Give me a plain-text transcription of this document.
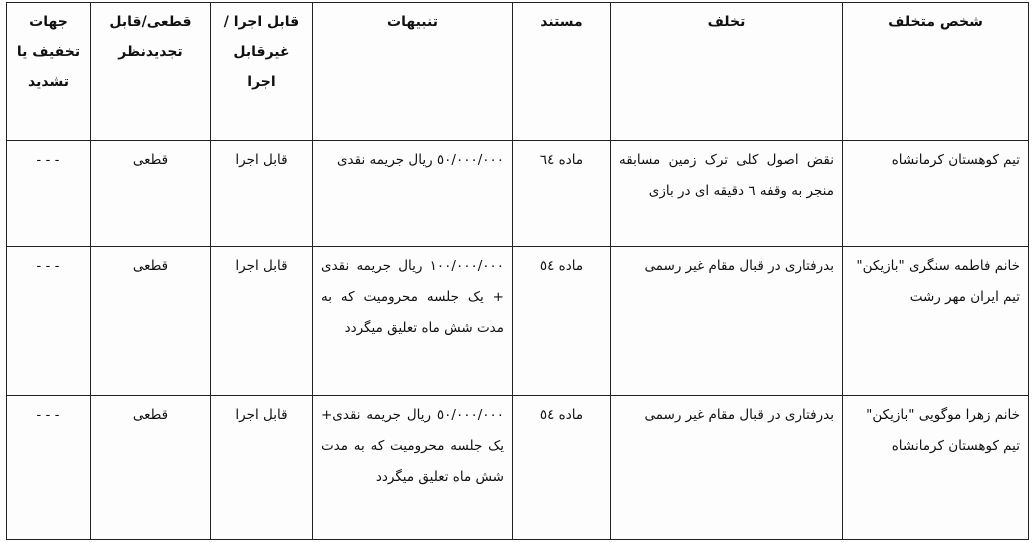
شخص متخلف	تخلف	مستند	تنبیهات	قابل اجرا /غیرقابل اجرا	قطعی/قابل تجدیدنظر	جهات تخفیف یا تشدید
تیم کوهستان کرمانشاه	نقض اصول کلی ترک زمین مسابقه منجر به وقفه ٦ دقیقه ای در بازی	ماده ٦٤	٥٠/٠٠٠/٠٠٠ ریال جریمه نقدی	قابل اجرا	قطعی	---
خانم فاطمه سنگری "بازیکن" تیم ایران مهر رشت	بدرفتاری در قبال مقام غیر رسمی	ماده ٥٤	١٠٠/٠٠٠/٠٠٠ ریال جریمه نقدی + یک جلسه محرومیت که به مدت شش ماه تعلیق میگردد	قابل اجرا	قطعی	---
خانم زهرا موگویی "بازیکن" تیم کوهستان کرمانشاه	بدرفتاری در قبال مقام غیر رسمی	ماده ٥٤	٥٠/٠٠٠/٠٠٠ ریال جریمه نقدی+ یک جلسه محرومیت که به مدت شش ماه تعلیق میگردد	قابل اجرا	قطعی	---
